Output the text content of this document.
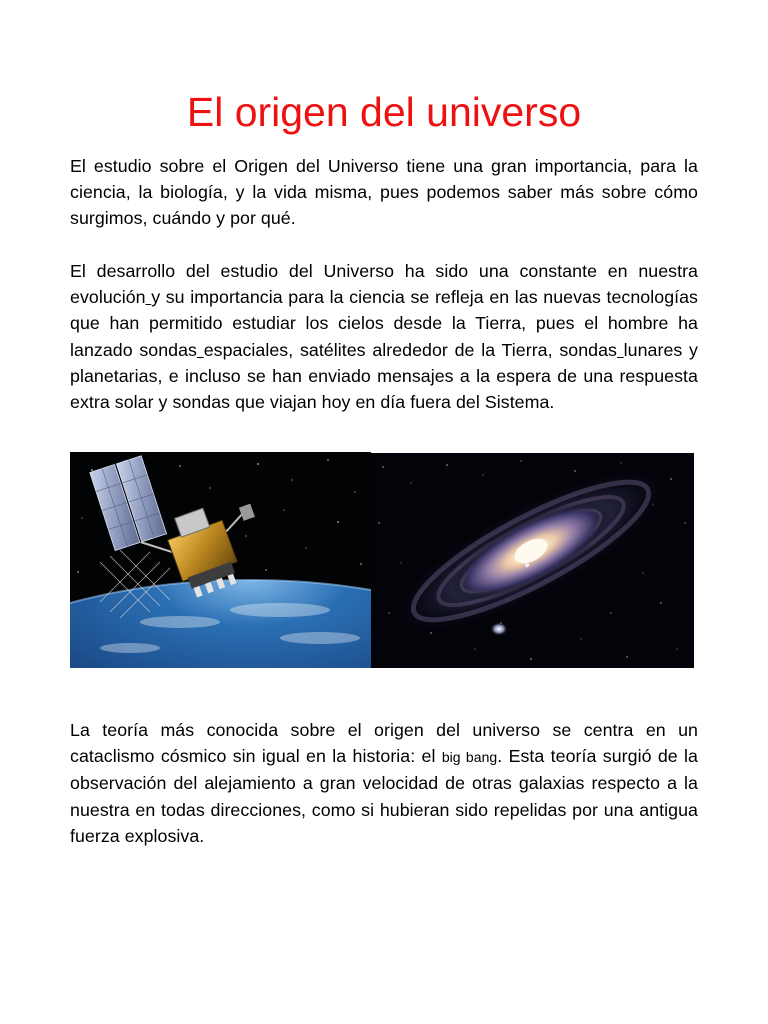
El origen del universo

El estudio sobre el Origen del Universo tiene una gran importancia, para la ciencia, la biología, y la vida misma, pues podemos saber más sobre cómo surgimos, cuándo y por qué.

El desarrollo del estudio del Universo ha sido una constante en nuestra evolución y su importancia para la ciencia se refleja en las nuevas tecnologías que han permitido estudiar los cielos desde la Tierra, pues el hombre ha lanzado sondas espaciales, satélites alrededor de la Tierra, sondas lunares y planetarias, e incluso se han enviado mensajes a la espera de una respuesta extra solar y sondas que viajan hoy en día fuera del Sistema.

La teoría más conocida sobre el origen del universo se centra en un cataclismo cósmico sin igual en la historia: el big bang. Esta teoría surgió de la observación del alejamiento a gran velocidad de otras galaxias respecto a la nuestra en todas direcciones, como si hubieran sido repelidas por una antigua fuerza explosiva.
